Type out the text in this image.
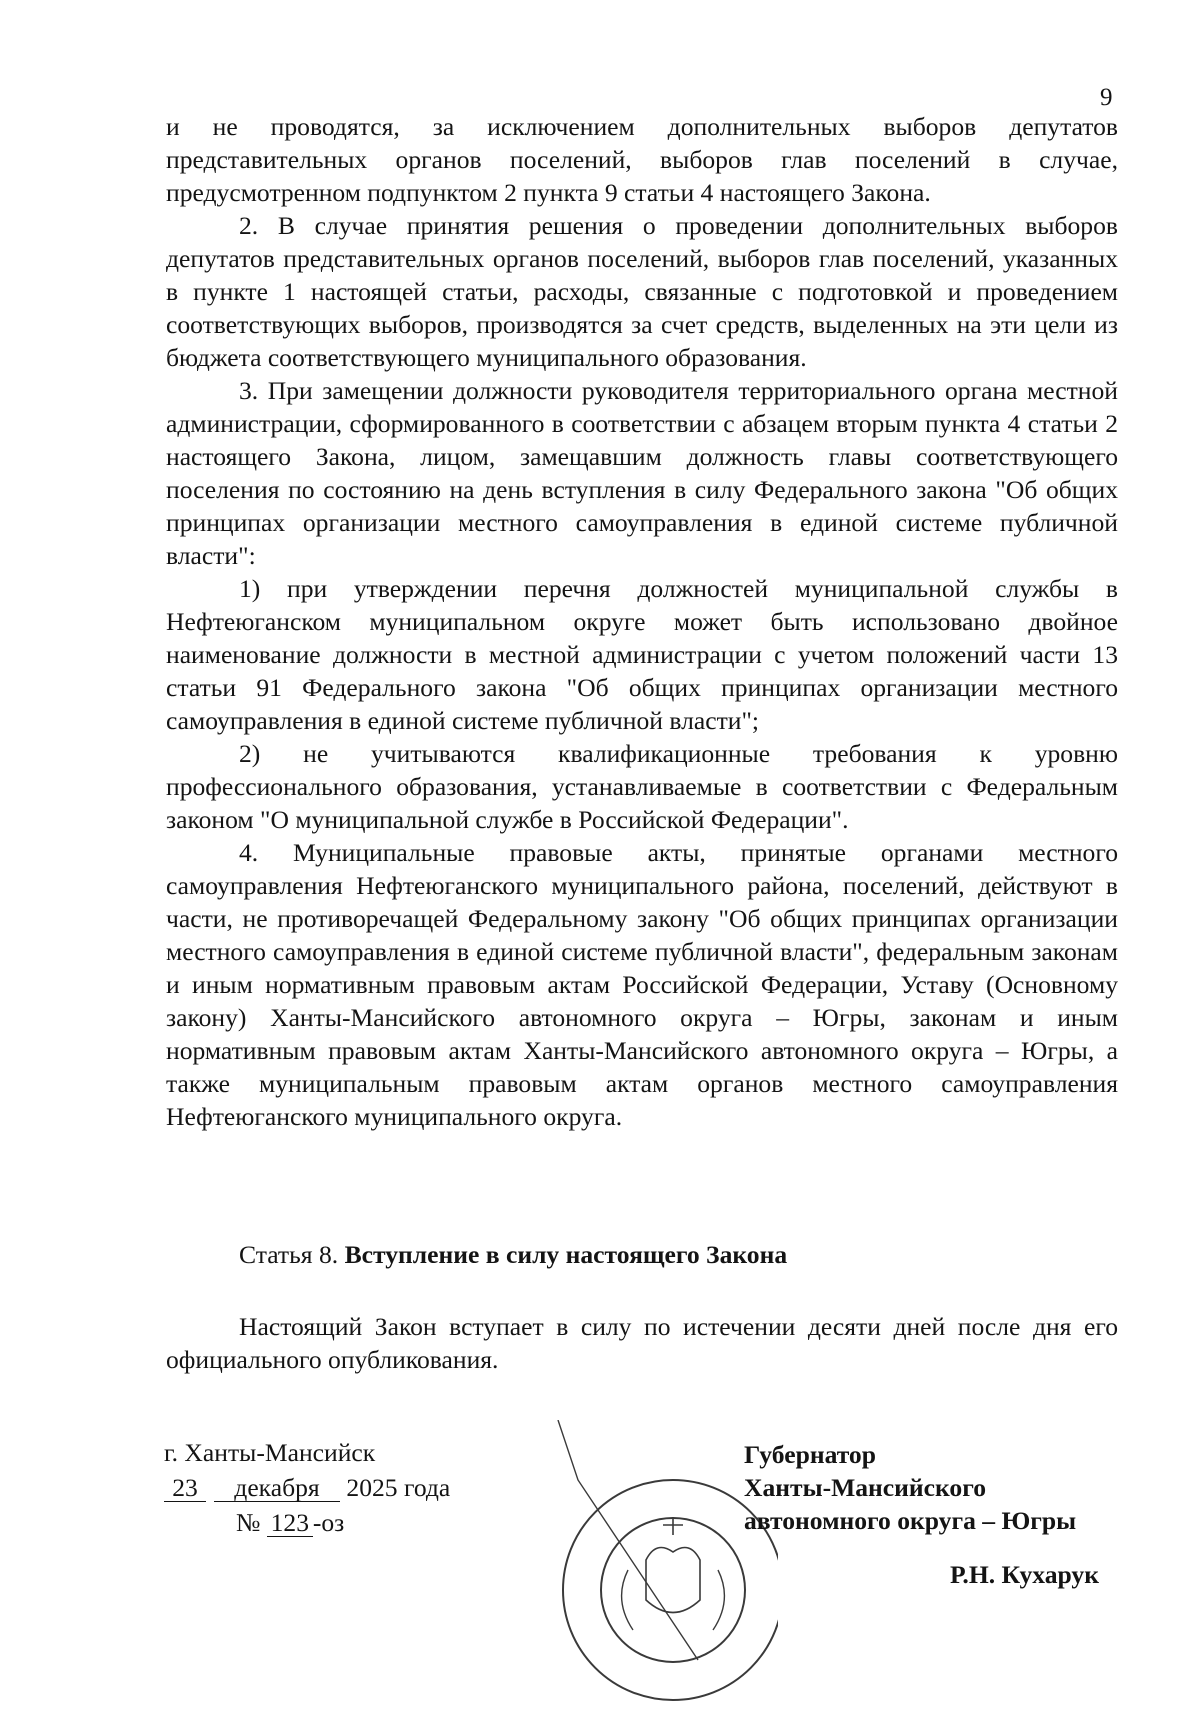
9

и не проводятся, за исключением дополнительных выборов депутатов представительных органов поселений, выборов глав поселений в случае, предусмотренном подпунктом 2 пункта 9 статьи 4 настоящего Закона.

2. В случае принятия решения о проведении дополнительных выборов депутатов представительных органов поселений, выборов глав поселений, указанных в пункте 1 настоящей статьи, расходы, связанные с подготовкой и проведением соответствующих выборов, производятся за счет средств, выделенных на эти цели из бюджета соответствующего муниципального образования.

3. При замещении должности руководителя территориального органа местной администрации, сформированного в соответствии с абзацем вторым пункта 4 статьи 2 настоящего Закона, лицом, замещавшим должность главы соответствующего поселения по состоянию на день вступления в силу Федерального закона "Об общих принципах организации местного самоуправления в единой системе публичной власти":

1) при утверждении перечня должностей муниципальной службы в Нефтеюганском муниципальном округе может быть использовано двойное наименование должности в местной администрации с учетом положений части 13 статьи 91 Федерального закона "Об общих принципах организации местного самоуправления в единой системе публичной власти";

2) не учитываются квалификационные требования к уровню профессионального образования, устанавливаемые в соответствии с Федеральным законом "О муниципальной службе в Российской Федерации".

4. Муниципальные правовые акты, принятые органами местного самоуправления Нефтеюганского муниципального района, поселений, действуют в части, не противоречащей Федеральному закону "Об общих принципах организации местного самоуправления в единой системе публичной власти", федеральным законам и иным нормативным правовым актам Российской Федерации, Уставу (Основному закону) Ханты-Мансийского автономного округа – Югры, законам и иным нормативным правовым актам Ханты-Мансийского автономного округа – Югры, а также муниципальным правовым актам органов местного самоуправления Нефтеюганского муниципального округа.

Статья 8. Вступление в силу настоящего Закона

Настоящий Закон вступает в силу по истечении десяти дней после дня его официального опубликования.

г. Ханты-Мансийск
23 декабря 2025 года
№ 123 -оз
Губернатор
Ханты-Мансийского
автономного округа – Югры
Р.Н. Кухарук
